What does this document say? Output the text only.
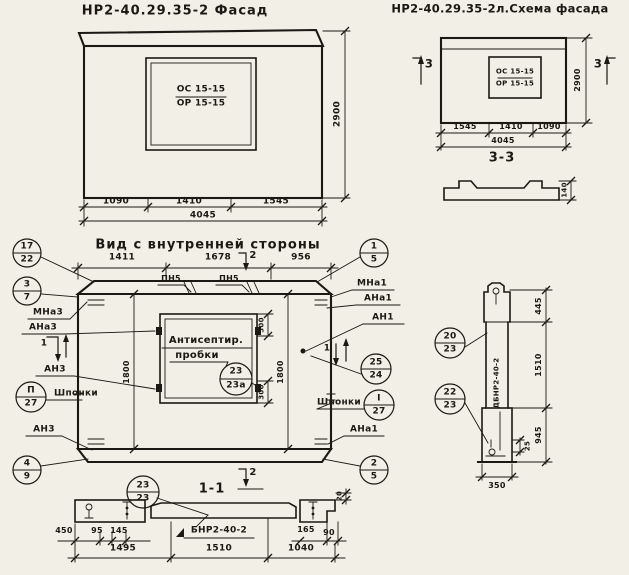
НР2-40.29.35-2 Фасад	НР2-40.29.35-2л.Схема фасада
Вид с внутренней стороны
3-3
1-1
ОС 15-15
ОР 15-15
1090	1410	1545
4045
2900
ОС 15-15
ОР 15-15
3	3
1545	1410 1090
4045
2900
140
1411	1678	956
2
2
ПН5	ПН5
1800	1800
300
300
1	1
Антисептир.
пробки
МНа3
АНа3
АН3
Шпонки
АН3
МНа1
АНа1
АН1
Шпонки
АНа1
17
22
3
7
П
27
4
9
1
5
25
24
I
27
2
5
23
23а
23
23
20
23
22
23
450 95 145	165 90
20
1495	1510	1040
БНР2-40-2
ДБНР2-40-2
445
1510
945
350
25
